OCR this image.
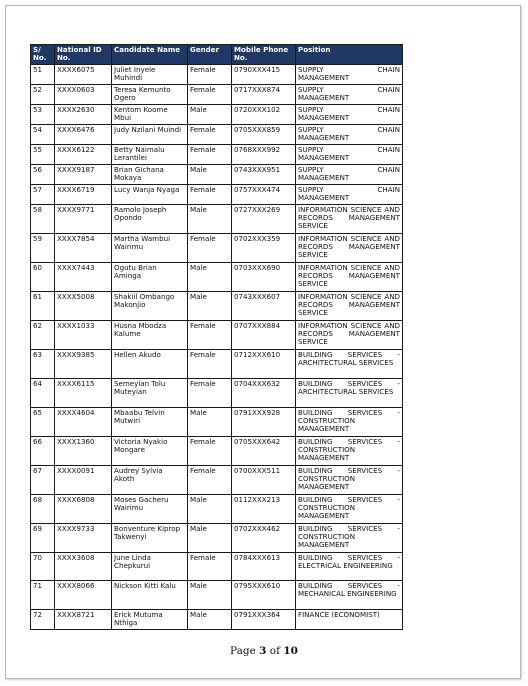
S/ No.	National ID No.	Candidate Name	Gender	Mobile Phone No.	Position
51	XXXX6075	Juliet Inyele Muhindi	Female	0790XXX415	SUPPLY CHAIN MANAGEMENT
52	XXXX0603	Teresa Kemunto Ogero	Female	0717XXX874	SUPPLY CHAIN MANAGEMENT
53	XXXX2630	Kentom Koome Mbui	Male	0720XXX102	SUPPLY CHAIN MANAGEMENT
54	XXXX6476	Judy Nzilani Muindi	Female	0705XXX859	SUPPLY CHAIN MANAGEMENT
55	XXXX6122	Betty Naimalu Lerantilei	Female	0768XXX992	SUPPLY CHAIN MANAGEMENT
56	XXXX9187	Brian Gichana Mokaya	Male	0743XXX951	SUPPLY CHAIN MANAGEMENT
57	XXXX6719	Lucy Wanja Nyaga	Female	0757XXX474	SUPPLY CHAIN MANAGEMENT
58	XXXX9771	Ramolo Joseph Opondo	Male	0727XXX269	INFORMATION SCIENCE AND RECORDS MANAGEMENT SERVICE
59	XXXX7854	Martha Wambui Wairimu	Female	0702XXX359	INFORMATION SCIENCE AND RECORDS MANAGEMENT SERVICE
60	XXXX7443	Ogutu Brian Aminga	Male	0703XXX690	INFORMATION SCIENCE AND RECORDS MANAGEMENT SERVICE
61	XXXX5008	Shakiil Ombango Makonjio	Male	0743XXX607	INFORMATION SCIENCE AND RECORDS MANAGEMENT SERVICE
62	XXXX1033	Husna Mbodza Kalume	Female	0707XXX884	INFORMATION SCIENCE AND RECORDS MANAGEMENT SERVICE
63	XXXX9385	Hellen Akudo	Female	0712XXX610	BUILDING SERVICES - ARCHITECTURAL SERVICES
64	XXXX6115	Semeyian Tolu Muteyian	Female	0704XXX632	BUILDING SERVICES - ARCHITECTURAL SERVICES
65	XXXX4604	Mbaabu Telvin Mutwiri	Male	0791XXX928	BUILDING SERVICES - CONSTRUCTION MANAGEMENT
66	XXXX1360	Victoria Nyakio Mongare	Female	0705XXX642	BUILDING SERVICES - CONSTRUCTION MANAGEMENT
67	XXXX0091	Audrey Sylvia Akoth	Female	0700XXX511	BUILDING SERVICES - CONSTRUCTION MANAGEMENT
68	XXXX6808	Moses Gacheru Wairimu	Male	0112XXX213	BUILDING SERVICES - CONSTRUCTION MANAGEMENT
69	XXXX9733	Bonventure Kiprop Takwenyi	Male	0702XXX462	BUILDING SERVICES - CONSTRUCTION MANAGEMENT
70	XXXX3608	June Linda Chepkurui	Female	0784XXX613	BUILDING SERVICES - ELECTRICAL ENGINEERING
71	XXXX8066	Nickson Kitti Kalu	Male	0795XXX610	BUILDING SERVICES - MECHANICAL ENGINEERING
72	XXXX8721	Erick Mutuma Nthiga	Male	0791XXX364	FINANCE (ECONOMIST)
Page 3 of 10
